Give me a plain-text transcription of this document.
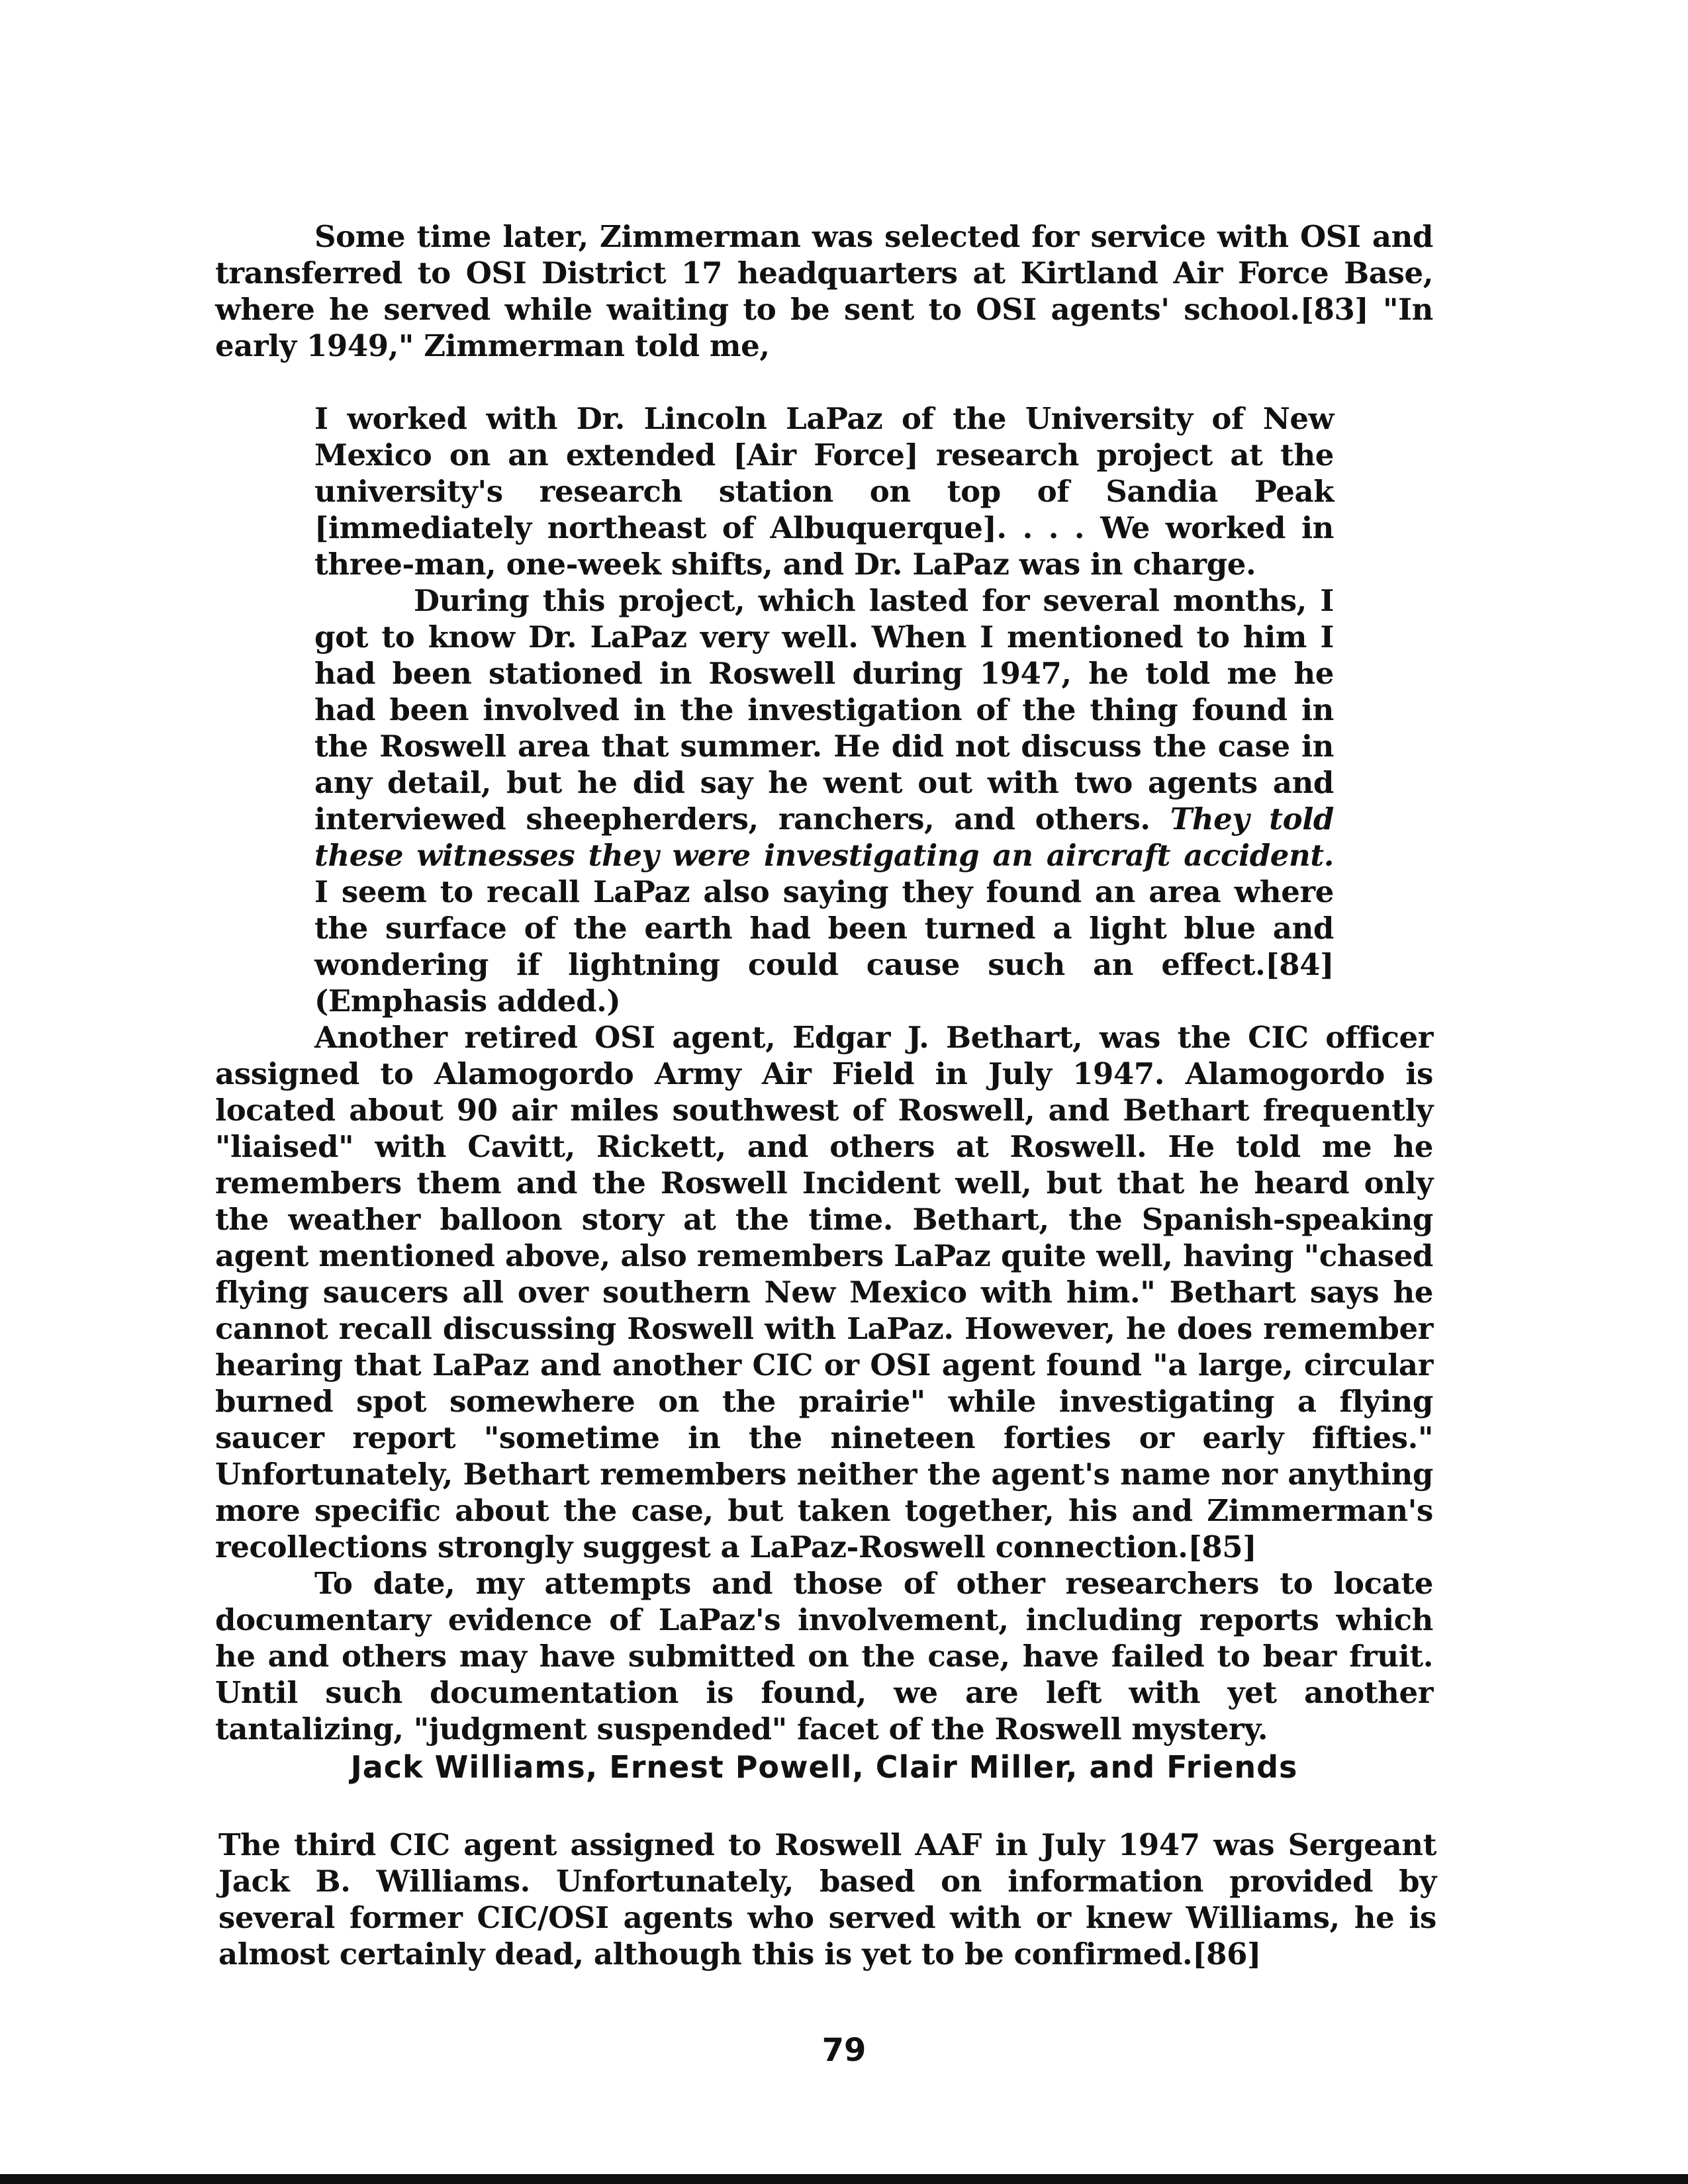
Some time later, Zimmerman was selected for service with OSI and transferred to OSI District 17 headquarters at Kirtland Air Force Base, where he served while waiting to be sent to OSI agents' school.[83] "In early 1949," Zimmerman told me,

I worked with Dr. Lincoln LaPaz of the University of New Mexico on an extended [Air Force] research project at the university's research station on top of Sandia Peak [immediately northeast of Albuquerque]. . . . We worked in three-man, one-week shifts, and Dr. LaPaz was in charge.

During this project, which lasted for several months, I got to know Dr. LaPaz very well. When I mentioned to him I had been stationed in Roswell during 1947, he told me he had been involved in the investigation of the thing found in the Roswell area that summer. He did not discuss the case in any detail, but he did say he went out with two agents and interviewed sheepherders, ranchers, and others. They told these witnesses they were investigating an aircraft accident. I seem to recall LaPaz also saying they found an area where the surface of the earth had been turned a light blue and wondering if lightning could cause such an effect.[84] (Emphasis added.)

Another retired OSI agent, Edgar J. Bethart, was the CIC officer assigned to Alamogordo Army Air Field in July 1947. Alamogordo is located about 90 air miles southwest of Roswell, and Bethart frequently "liaised" with Cavitt, Rickett, and others at Roswell. He told me he remembers them and the Roswell Incident well, but that he heard only the weather balloon story at the time. Bethart, the Spanish-speaking agent mentioned above, also remembers LaPaz quite well, having "chased flying saucers all over southern New Mexico with him." Bethart says he cannot recall discussing Roswell with LaPaz. However, he does remember hearing that LaPaz and another CIC or OSI agent found "a large, circular burned spot somewhere on the prairie" while investigating a flying saucer report "sometime in the nineteen forties or early fifties." Unfortunately, Bethart remembers neither the agent's name nor anything more specific about the case, but taken together, his and Zimmerman's recollections strongly suggest a LaPaz-Roswell connection.[85]

To date, my attempts and those of other researchers to locate documentary evidence of LaPaz's involvement, including reports which he and others may have submitted on the case, have failed to bear fruit. Until such documentation is found, we are left with yet another tantalizing, "judgment suspended" facet of the Roswell mystery.

Jack Williams, Ernest Powell, Clair Miller, and Friends
The third CIC agent assigned to Roswell AAF in July 1947 was Sergeant Jack B. Williams. Unfortunately, based on information provided by several former CIC/OSI agents who served with or knew Williams, he is almost certainly dead, although this is yet to be confirmed.[86]
79
